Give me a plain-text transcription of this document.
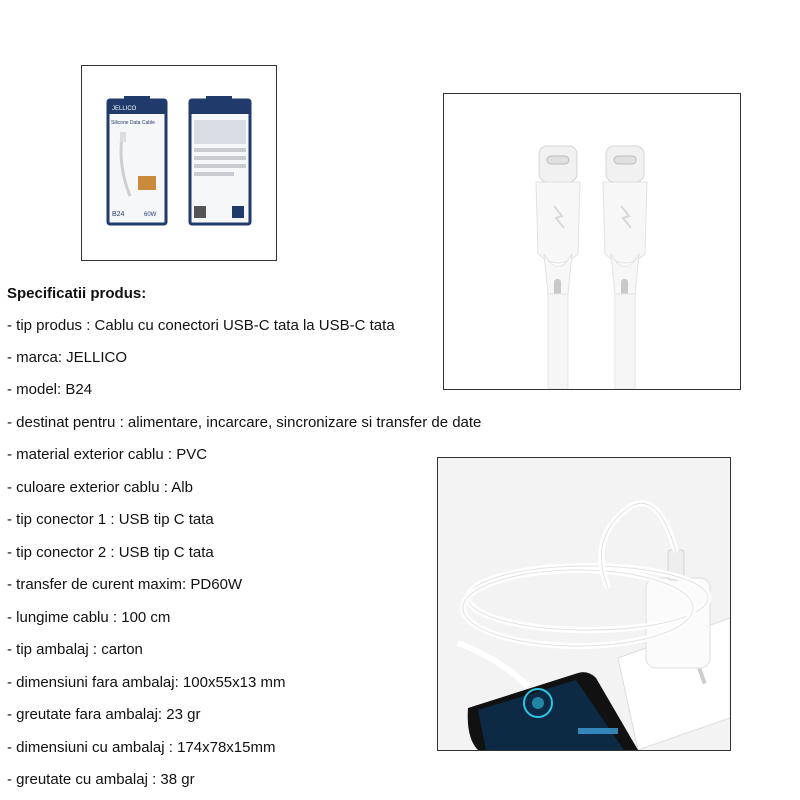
JELLICO
Silicone Data Cable
B24	60W

Specificatii produs:

- tip produs : Cablu cu conectori USB-C tata la USB-C tata

- marca: JELLICO

- model: B24

- destinat pentru : alimentare, incarcare, sincronizare si transfer de date

- material exterior cablu : PVC

- culoare exterior cablu : Alb

- tip conector 1 : USB tip C tata

- tip conector 2 : USB tip C tata

- transfer de curent maxim: PD60W

- lungime cablu : 100 cm

- tip ambalaj : carton

- dimensiuni fara ambalaj: 100x55x13 mm

- greutate fara ambalaj: 23 gr

- dimensiuni cu ambalaj : 174x78x15mm

- greutate cu ambalaj : 38 gr
